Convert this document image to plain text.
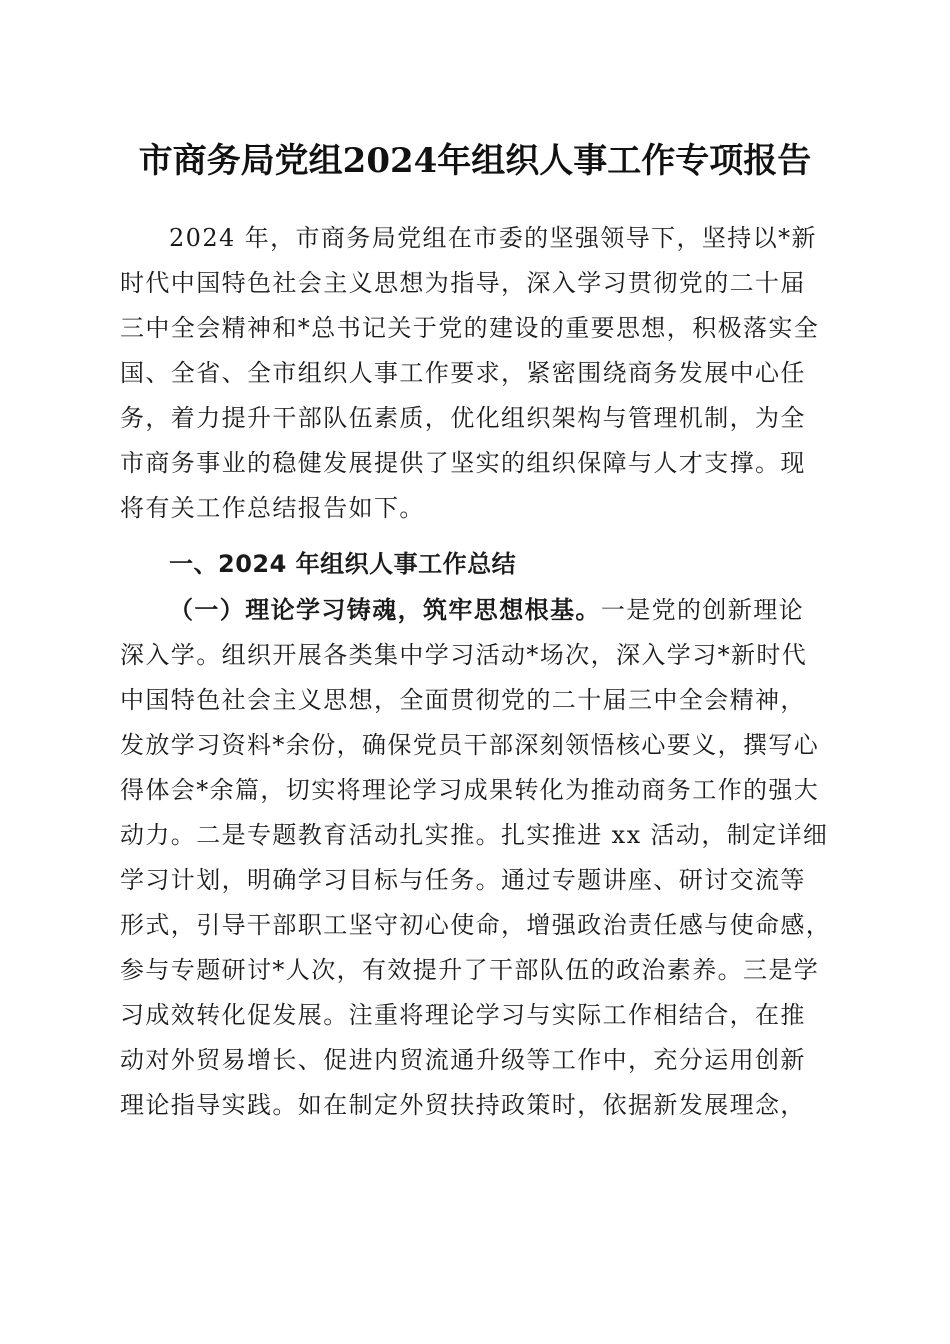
市商务局党组2024年组织人事工作专项报告
2024 年，市商务局党组在市委的坚强领导下，坚持以*新
时代中国特色社会主义思想为指导，深入学习贯彻党的二十届
三中全会精神和*总书记关于党的建设的重要思想，积极落实全
国、全省、全市组织人事工作要求，紧密围绕商务发展中心任
务，着力提升干部队伍素质，优化组织架构与管理机制，为全
市商务事业的稳健发展提供了坚实的组织保障与人才支撑。现
将有关工作总结报告如下。
一、2024 年组织人事工作总结
（一）理论学习铸魂，筑牢思想根基。一是党的创新理论
深入学。组织开展各类集中学习活动*场次，深入学习*新时代
中国特色社会主义思想，全面贯彻党的二十届三中全会精神，
发放学习资料*余份，确保党员干部深刻领悟核心要义，撰写心
得体会*余篇，切实将理论学习成果转化为推动商务工作的强大
动力。二是专题教育活动扎实推。扎实推进 xx 活动，制定详细
学习计划，明确学习目标与任务。通过专题讲座、研讨交流等
形式，引导干部职工坚守初心使命，增强政治责任感与使命感，
参与专题研讨*人次，有效提升了干部队伍的政治素养。三是学
习成效转化促发展。注重将理论学习与实际工作相结合，在推
动对外贸易增长、促进内贸流通升级等工作中，充分运用创新
理论指导实践。如在制定外贸扶持政策时，依据新发展理念，
